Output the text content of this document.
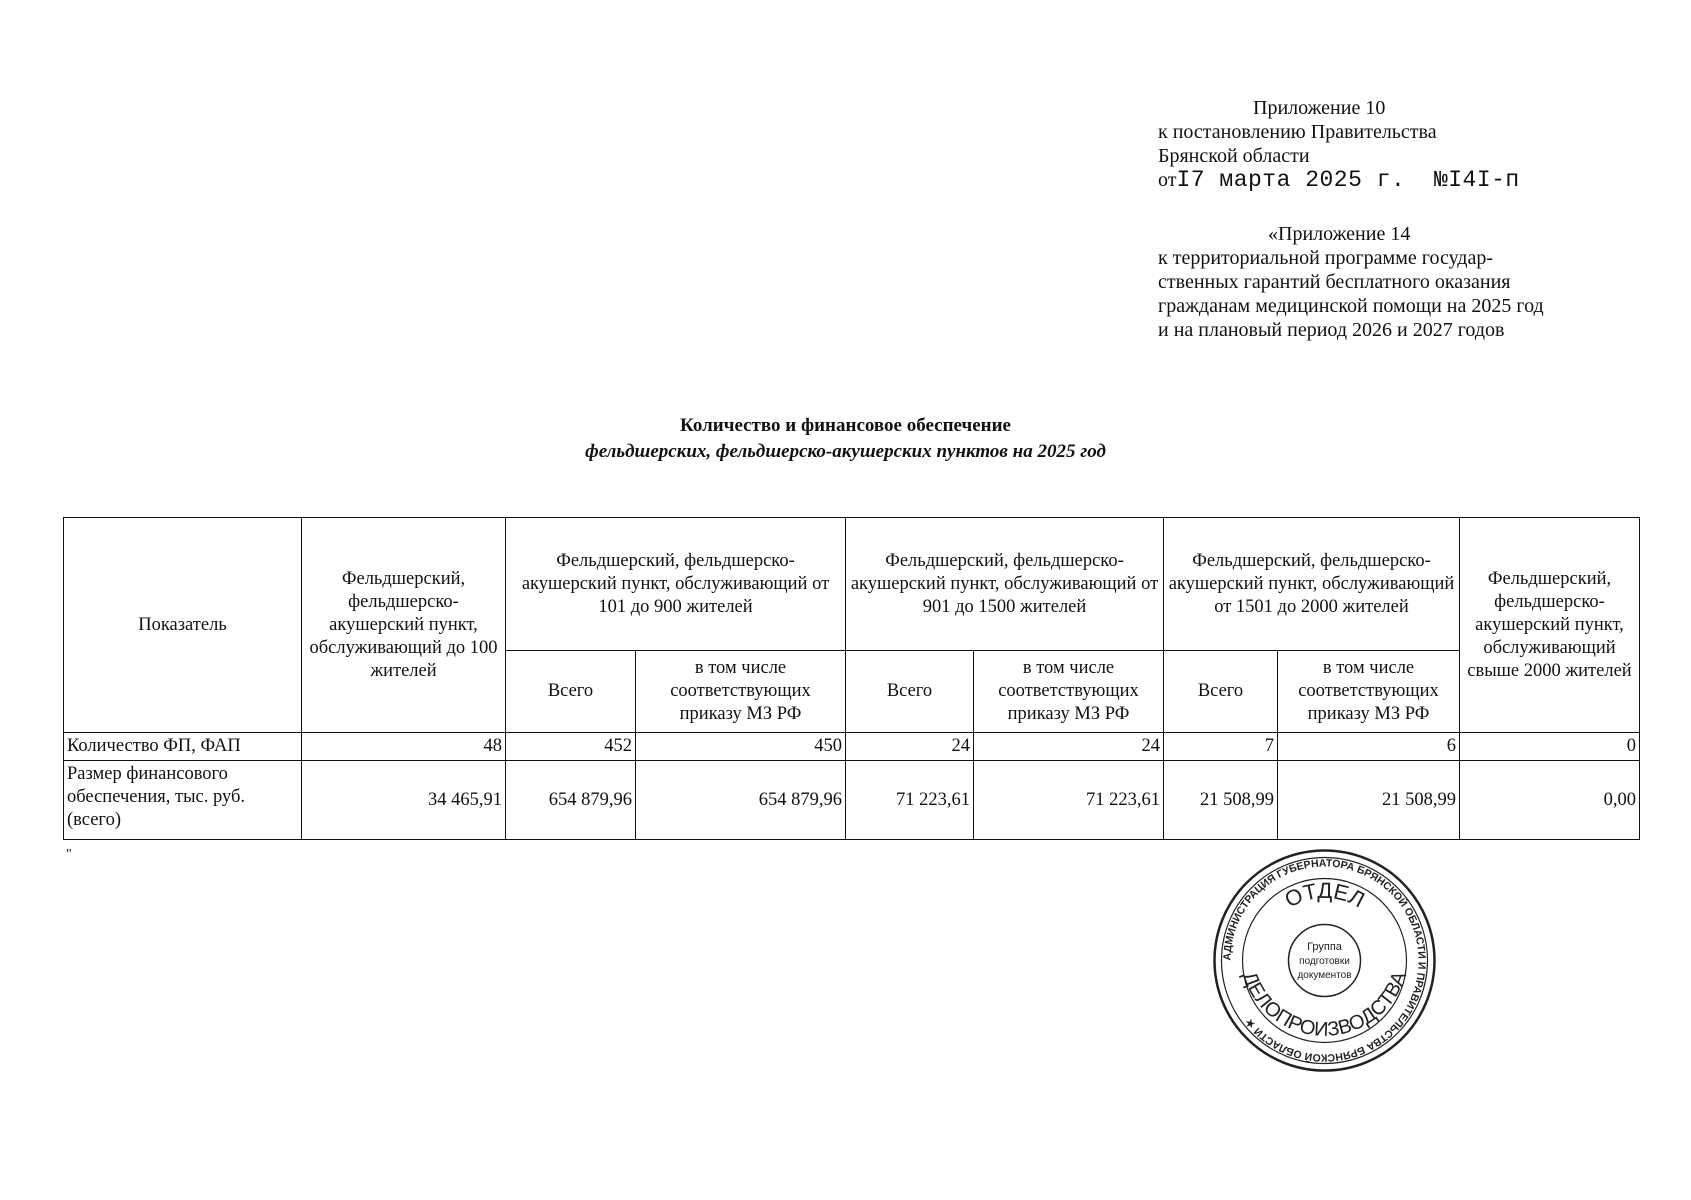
Приложение 10
к постановлению Правительства
Брянской области
отI7 марта 2025 г.  №I4I-п
«Приложение 14
к территориальной программе государ-
ственных гарантий бесплатного оказания
гражданам медицинской помощи на 2025 год
и на плановый период 2026 и 2027 годов
Количество и финансовое обеспечение
фельдшерских, фельдшерско-акушерских пунктов на 2025 год
Показатель	Фельдшерский, фельдшерско-акушерский пункт, обслуживающий до 100 жителей	Фельдшерский, фельдшерско-акушерский пункт, обслуживающий от 101 до 900 жителей		Фельдшерский, фельдшерско-акушерский пункт, обслуживающий от 901 до 1500 жителей		Фельдшерский, фельдшерско-акушерский пункт, обслуживающий от 1501 до 2000 жителей		Фельдшерский, фельдшерско-акушерский пункт, обслуживающий свыше 2000 жителей
		Всего	в том числе соответствующих приказу МЗ РФ	Всего	в том числе соответствующих приказу МЗ РФ	Всего	в том числе соответствующих приказу МЗ РФ	
Количество ФП, ФАП	48	452	450	24	24	7	6	0
Размер финансового обеспечения, тыс. руб. (всего)	34 465,91	654 879,96	654 879,96	71 223,61	71 223,61	21 508,99	21 508,99	0,00
"
АДМИНИСТРАЦИЯ ГУБЕРНАТОРА БРЯНСКОЙ ОБЛАСТИ И ПРАВИТЕЛЬСТВА БРЯНСКОЙ ОБЛАСТИ ★
ОТДЕЛ
ДЕЛОПРОИЗВОДСТВА
Группа
подготовки
документов
